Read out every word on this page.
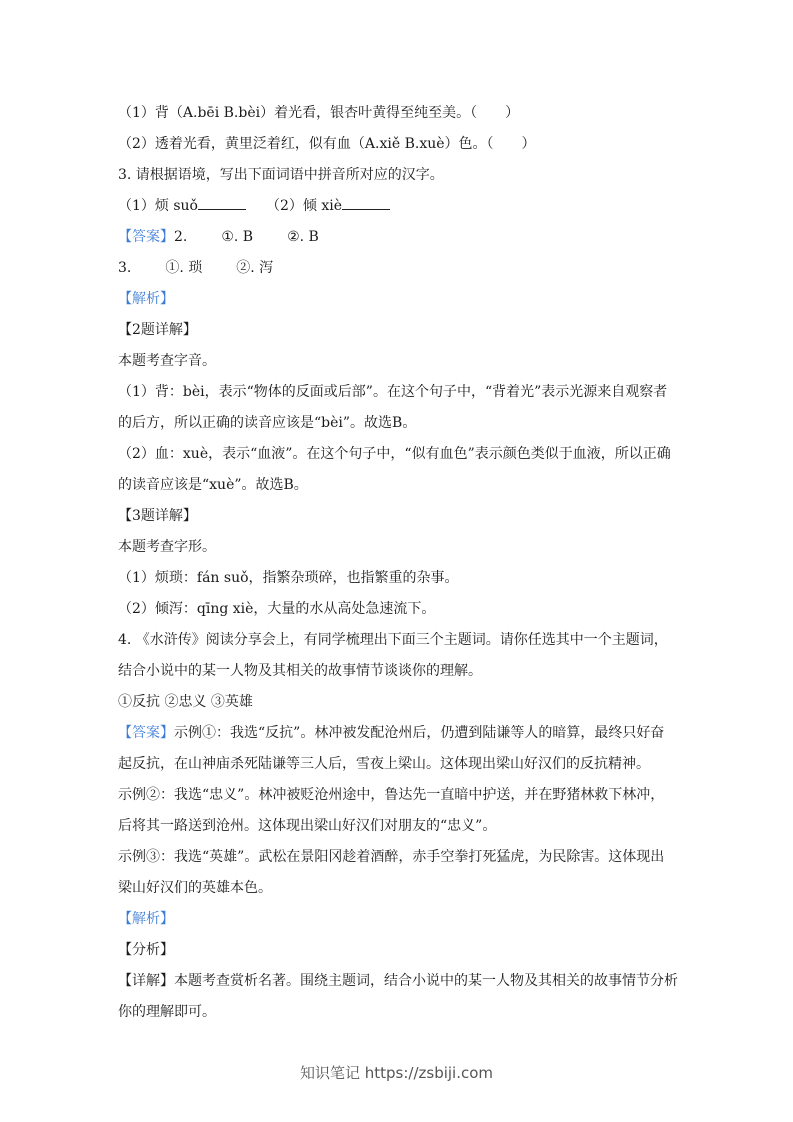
（1）背（A.bēi B.bèi）着光看，银杏叶黄得至纯至美。（　　）
（2）透着光看，黄里泛着红，似有血（A.xiě B.xuè）色。（　　）
3. 请根据语境，写出下面词语中拼音所对应的汉字。
（1）烦 suǒ	（2）倾 xiè
【答案】2. ①. B ②. B
3. ①. 琐 ②. 泻
【解析】
【2题详解】
本题考查字音。
（1）背：bèi，表示“物体的反面或后部”。在这个句子中，“背着光”表示光源来自观察者的后方，所以正确的读音应该是“bèi”。故选B。
（2）血：xuè，表示“血液”。在这个句子中，“似有血色”表示颜色类似于血液，所以正确的读音应该是“xuè”。故选B。
【3题详解】
本题考查字形。
（1）烦琐：fán suǒ，指繁杂琐碎，也指繁重的杂事。
（2）倾泻：qīng xiè，大量的水从高处急速流下。
4. 《水浒传》阅读分享会上，有同学梳理出下面三个主题词。请你任选其中一个主题词，结合小说中的某一人物及其相关的故事情节谈谈你的理解。
①反抗 ②忠义 ③英雄
【答案】示例①：我选“反抗”。林冲被发配沧州后，仍遭到陆谦等人的暗算，最终只好奋起反抗，在山神庙杀死陆谦等三人后，雪夜上梁山。这体现出梁山好汉们的反抗精神。
示例②：我选“忠义”。林冲被贬沧州途中，鲁达先一直暗中护送，并在野猪林救下林冲，后将其一路送到沧州。这体现出梁山好汉们对朋友的“忠义”。
示例③：我选“英雄”。武松在景阳冈趁着酒醉，赤手空拳打死猛虎，为民除害。这体现出梁山好汉们的英雄本色。
【解析】
【分析】
【详解】本题考查赏析名著。围绕主题词，结合小说中的某一人物及其相关的故事情节分析你的理解即可。
知识笔记 https://zsbiji.com
